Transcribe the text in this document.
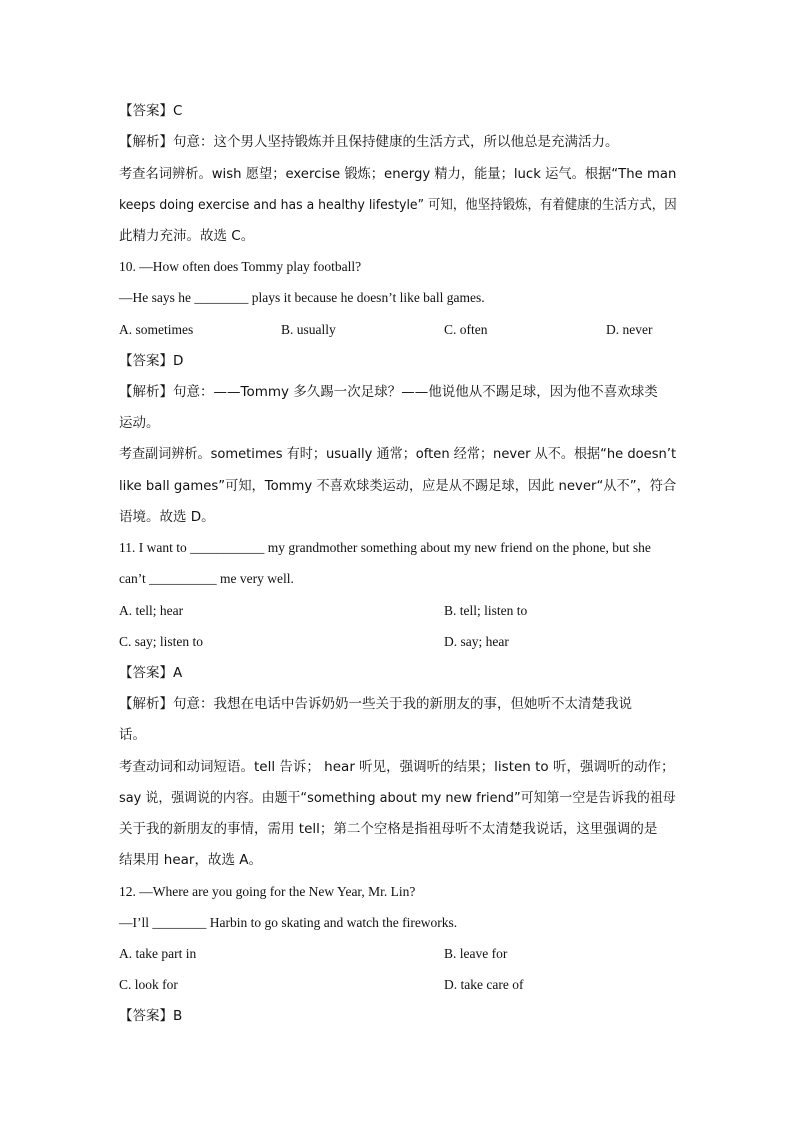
【答案】C
【解析】句意：这个男人坚持锻炼并且保持健康的生活方式，所以他总是充满活力。
考查名词辨析。wish 愿望；exercise 锻炼；energy 精力，能量；luck 运气。根据“The man
keeps doing exercise and has a healthy lifestyle” 可知，他坚持锻炼，有着健康的生活方式，因
此精力充沛。故选 C。
10. —How often does Tommy play football?
—He says he ________ plays it because he doesn’t like ball games.
A. sometimes	B. usually	C. often	D. never
【答案】D
【解析】句意：——Tommy 多久踢一次足球？——他说他从不踢足球，因为他不喜欢球类
运动。
考查副词辨析。sometimes 有时；usually 通常；often 经常；never 从不。根据“he doesn’t
like ball games”可知，Tommy 不喜欢球类运动，应是从不踢足球，因此 never“从不”，符合
语境。故选 D。
11. I want to ___________ my grandmother something about my new friend on the phone, but she
can’t __________ me very well.
A. tell; hear	B. tell; listen to
C. say; listen to	D. say; hear
【答案】A
【解析】句意：我想在电话中告诉奶奶一些关于我的新朋友的事，但她听不太清楚我说
话。
考查动词和动词短语。tell 告诉； hear 听见，强调听的结果；listen to 听，强调听的动作；
say 说，强调说的内容。由题干“something about my new friend”可知第一空是告诉我的祖母
关于我的新朋友的事情，需用 tell；第二个空格是指祖母听不太清楚我说话，这里强调的是
结果用 hear，故选 A。
12. —Where are you going for the New Year, Mr. Lin?
—I’ll ________ Harbin to go skating and watch the fireworks.
A. take part in	B. leave for
C. look for	D. take care of
【答案】B
